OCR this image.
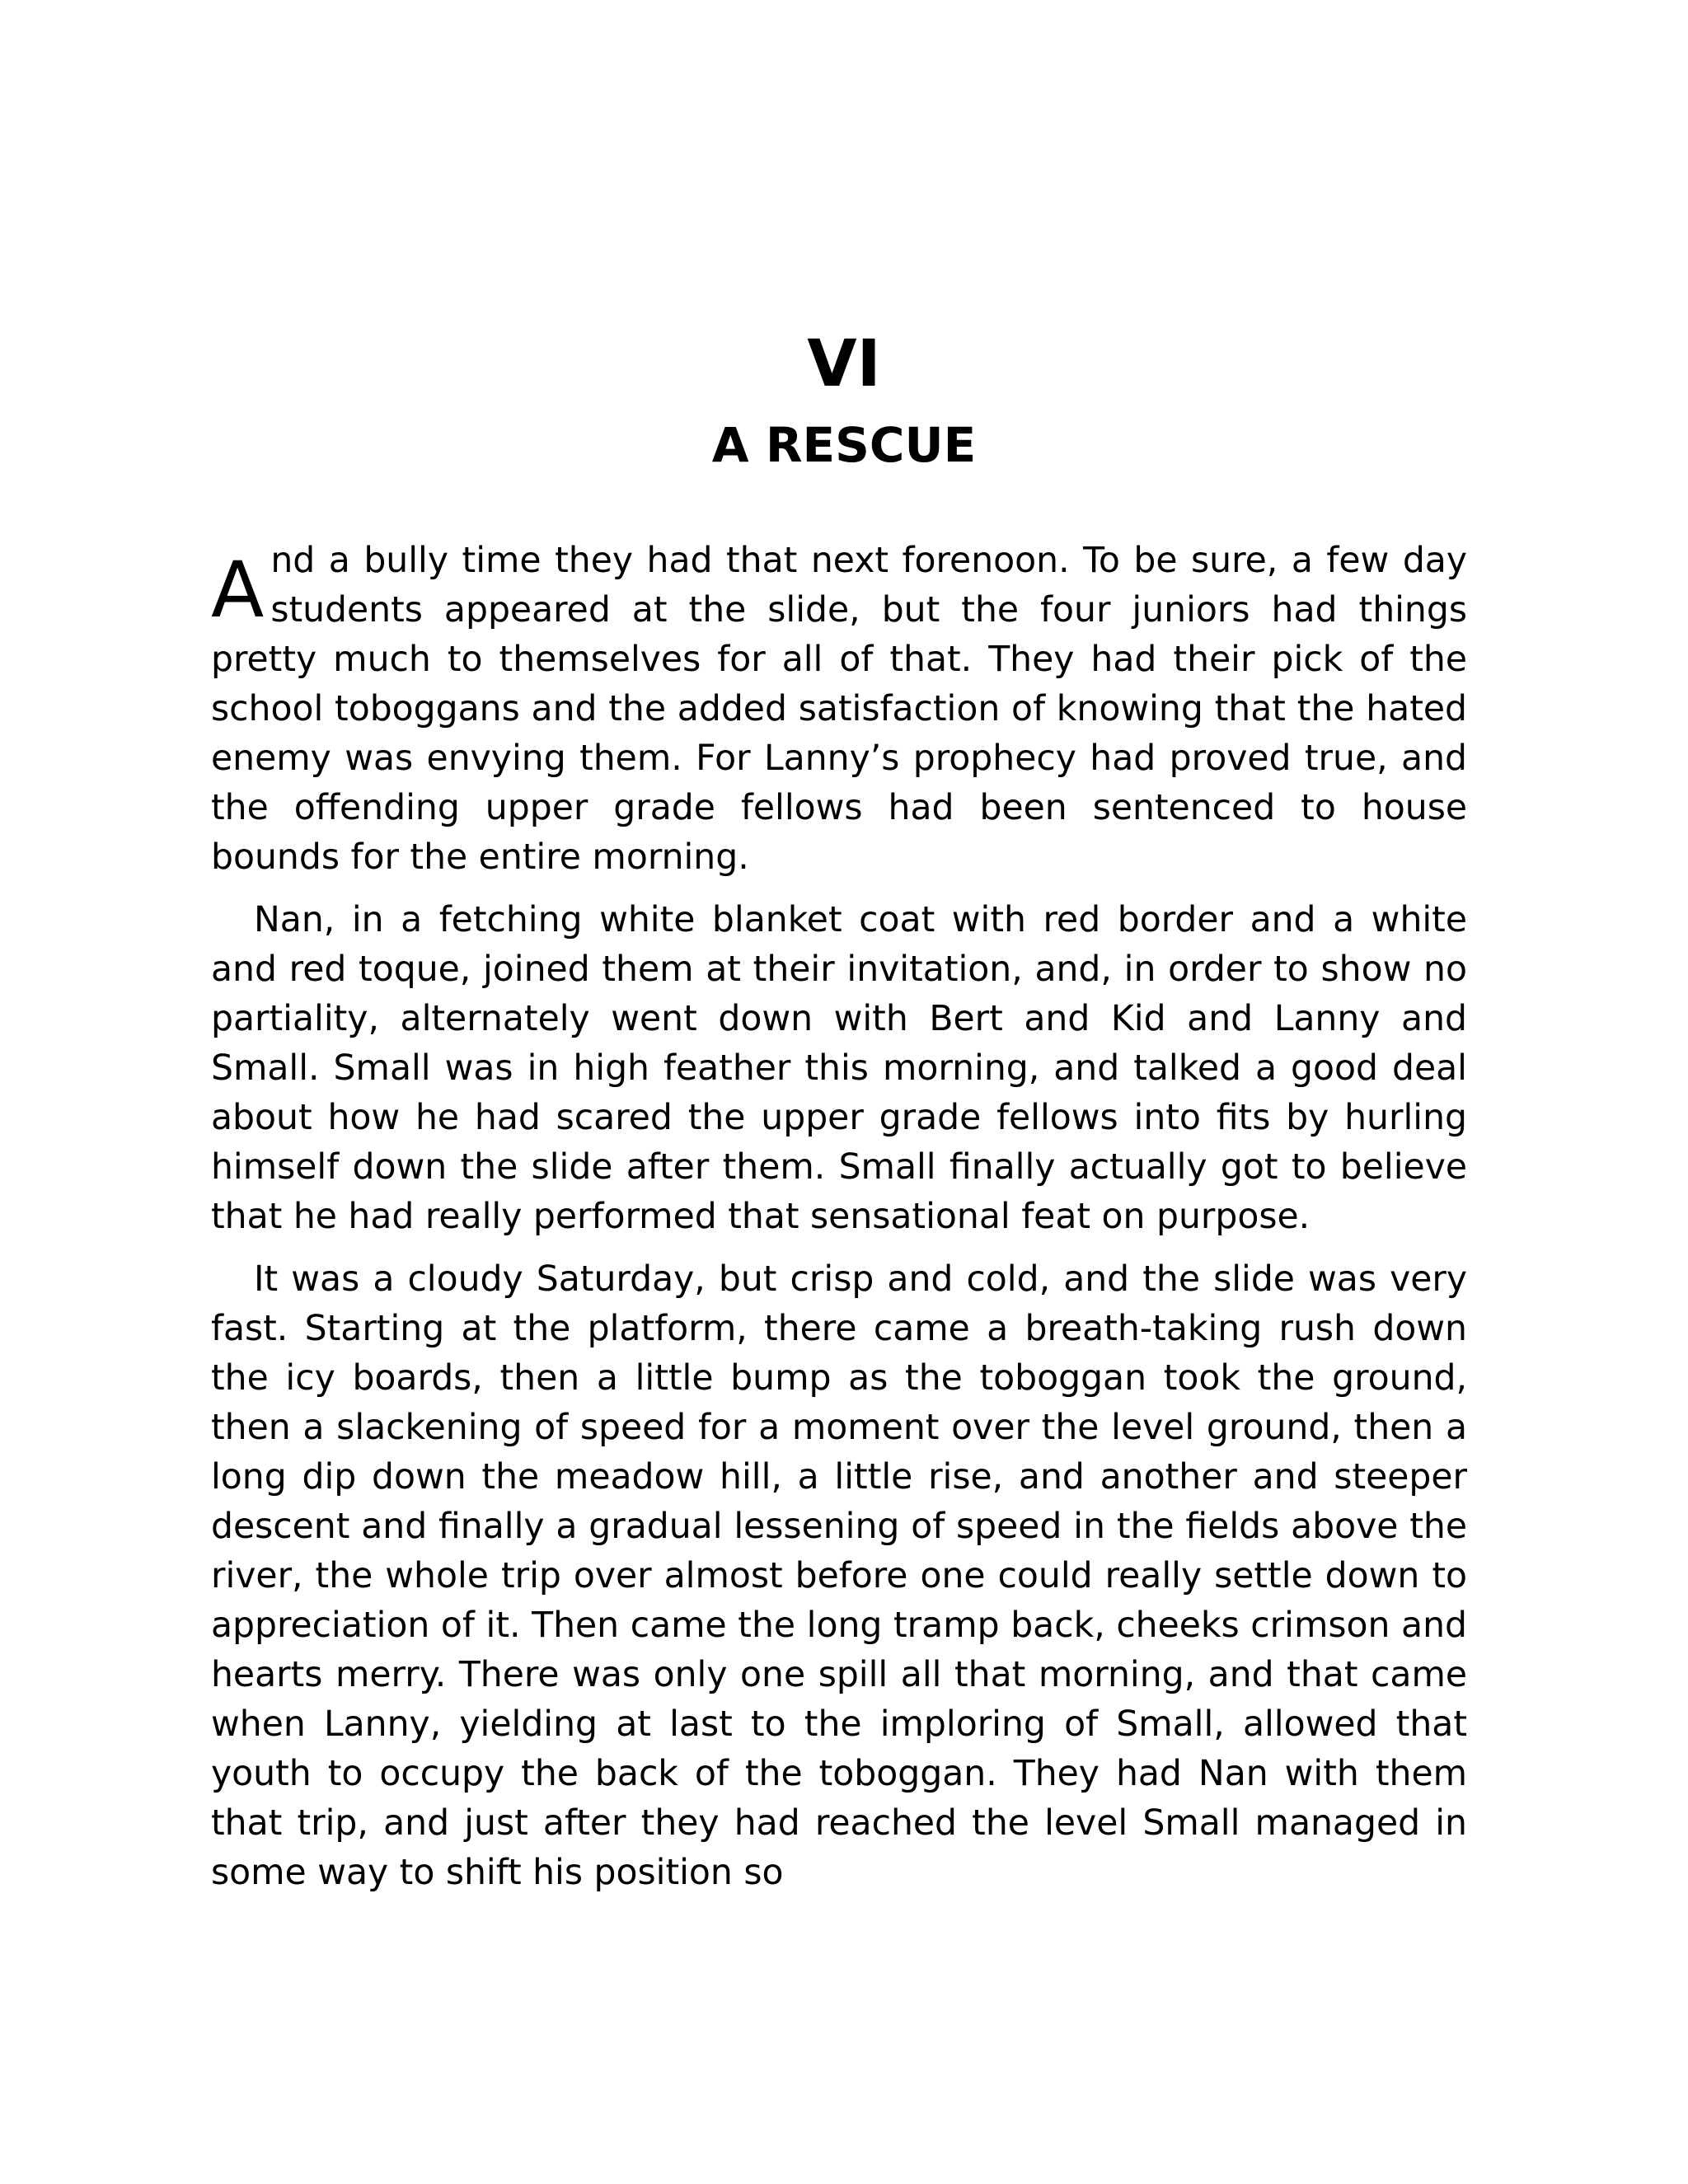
VI
A RESCUE

And a bully time they had that next forenoon. To be sure, a few day students appeared at the slide, but the four juniors had things pretty much to themselves for all of that. They had their pick of the school toboggans and the added satisfaction of knowing that the hated enemy was envying them. For Lanny’s prophecy had proved true, and the offending upper grade fellows had been sentenced to house bounds for the entire morning.

Nan, in a fetching white blanket coat with red border and a white and red toque, joined them at their invitation, and, in order to show no partiality, alternately went down with Bert and Kid and Lanny and Small. Small was in high feather this morning, and talked a good deal about how he had scared the upper grade fellows into fits by hurling himself down the slide after them. Small finally actually got to believe that he had really performed that sensational feat on purpose.

It was a cloudy Saturday, but crisp and cold, and the slide was very fast. Starting at the platform, there came a breath-taking rush down the icy boards, then a little bump as the toboggan took the ground, then a slackening of speed for a moment over the level ground, then a long dip down the meadow hill, a little rise, and another and steeper descent and finally a gradual lessening of speed in the fields above the river, the whole trip over almost before one could really settle down to appreciation of it. Then came the long tramp back, cheeks crimson and hearts merry. There was only one spill all that morning, and that came when Lanny, yielding at last to the imploring of Small, allowed that youth to occupy the back of the toboggan. They had Nan with them that trip, and just after they had reached the level Small managed in some way to shift his position so
